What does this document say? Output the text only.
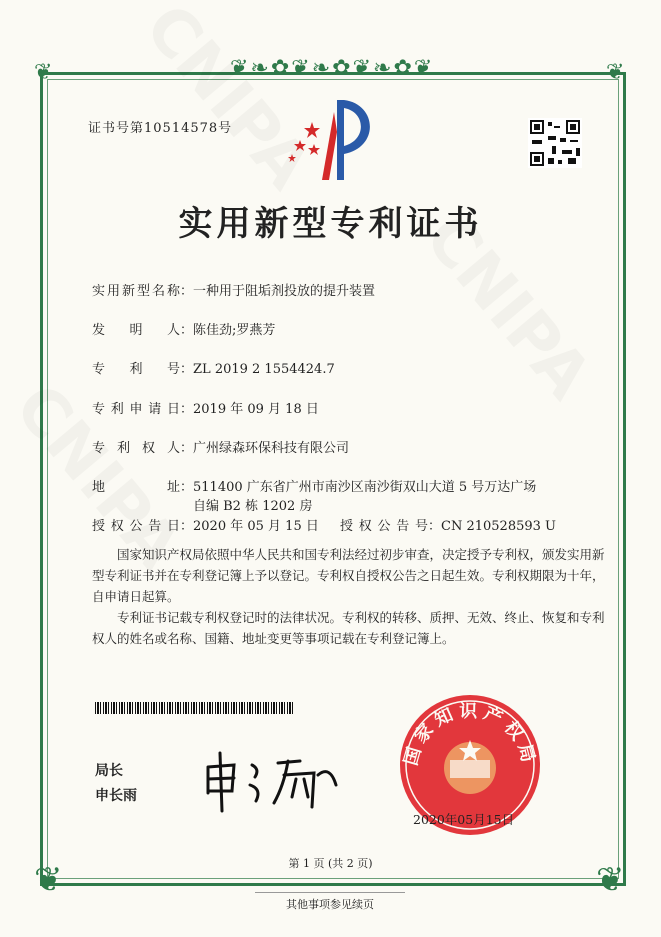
❦❧✿❦❧✿❦❧✿❦
❦	❦
❦	❦
证书号第10514578号
实用新型专利证书
实用新型名称：一种用于阻垢剂投放的提升装置
发明人：陈佳劲;罗燕芳
专利号：ZL 2019 2 1554424.7
专利申请日：2019 年 09 月 18 日
专利权人：广州绿森环保科技有限公司
地址：511400 广东省广州市南沙区南沙街双山大道 5 号万达广场
自编 B2 栋 1202 房
授权公告日：2020 年 05 月 15 日 授权公告号：CN 210528593 U

国家知识产权局依照中华人民共和国专利法经过初步审查，决定授予专利权，颁发实用新型专利证书并在专利登记簿上予以登记。专利权自授权公告之日起生效。专利权期限为十年，自申请日起算。

专利证书记载专利权登记时的法律状况。专利权的转移、质押、无效、终止、恢复和专利权人的姓名或名称、国籍、地址变更等事项记载在专利登记簿上。

局长
申长雨
国家知识产权局
2020年05月15日
第 1 页 (共 2 页)
其他事项参见续页
